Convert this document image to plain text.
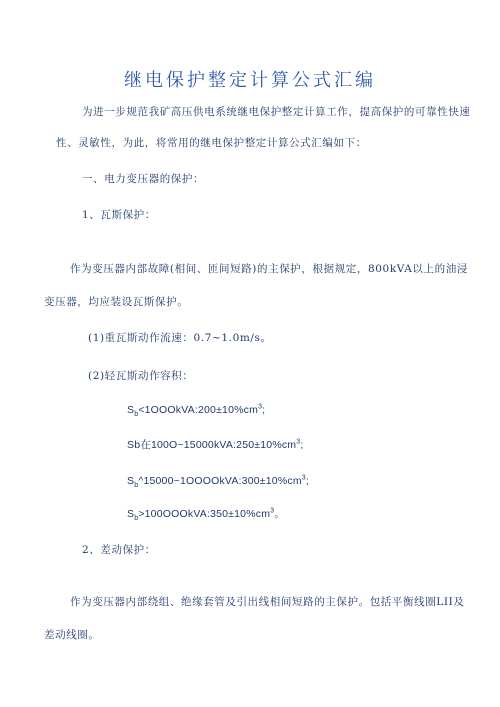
继电保护整定计算公式汇编
为进一步规范我矿高压供电系统继电保护整定计算工作，提高保护的可靠性快速
性、灵敏性，为此，将常用的继电保护整定计算公式汇编如下：
一、电力变压器的保护：
1、瓦斯保护：
作为变压器内部故障(相间、匝间短路)的主保护，根据规定，800kVA以上的油浸
变压器，均应装设瓦斯保护。
(1)重瓦斯动作流速：0.7~1.0m/s。
(2)轻瓦斯动作容积：
$S_b<1OOOkVA:200\pm 10\%cm^3$;
Sb在$100O\sim 15000kVA:250\pm 10\%cm^3$;
$S_b\^{}15000\sim 1OOOOkVA:300\pm 10\%cm^3$;
$S_b>100OOOkVA:350\pm 10\%cm^3$。
2、差动保护：
作为变压器内部绕组、绝缘套管及引出线相间短路的主保护。包括平衡线圈LII及
差动线圈。
